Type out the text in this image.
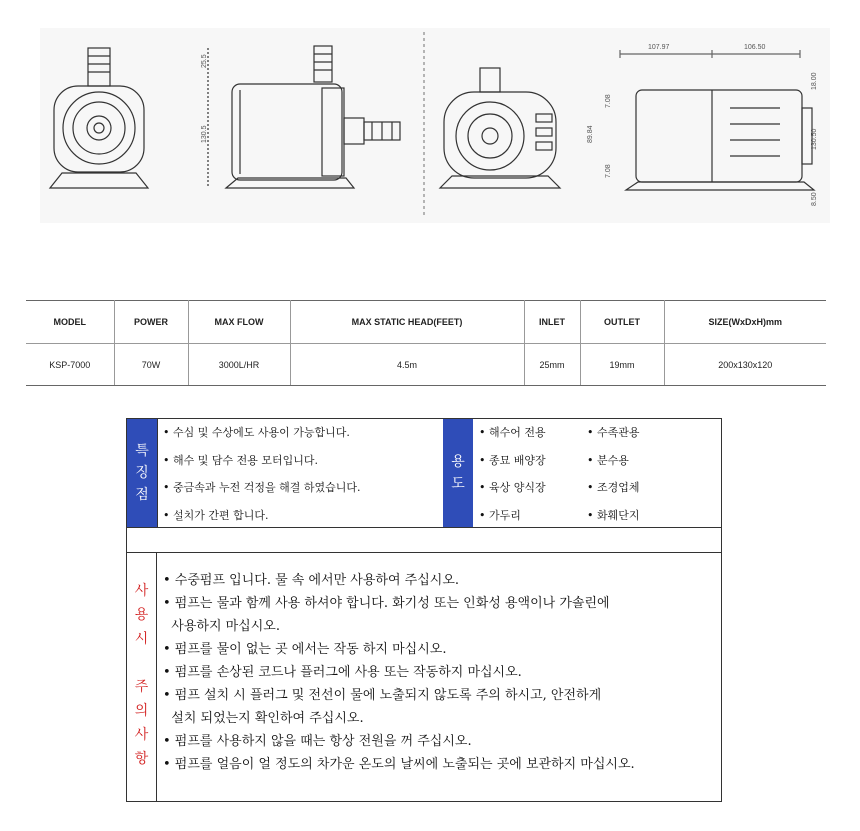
25.5
130.5
107.97	106.50
18.00
130.50
8.50
89.84
7.08
7.08
MODEL	POWER	MAX FLOW	MAX STATIC HEAD(FEET)	INLET	OUTLET	SIZE(WxDxH)mm
KSP-7000	70W	3000L/HR	4.5m	25mm	19mm	200x130x120
특
징
점
• 수심 및 수상에도 사용이 가능합니다.
• 해수 및 담수 전용 모터입니다.
• 중금속과 누전 걱정을 해결 하였습니다.
• 설치가 간편 합니다.
용
도
• 해수어 전용	• 수족관용
• 종묘 배양장	• 분수용
• 육상 양식장	• 조경업체
• 가두리	• 화훼단지
사
용
시
주
의
사
항
• 수중펌프 입니다. 물 속 에서만 사용하여 주십시오.
• 펌프는 물과 함께 사용 하셔야 합니다. 화기성 또는 인화성 용액이나 가솔린에
사용하지 마십시오.
• 펌프를 물이 없는 곳 에서는 작동 하지 마십시오.
• 펌프를 손상된 코드나 플러그에 사용 또는 작동하지 마십시오.
• 펌프 설치 시 플러그 및 전선이 물에 노출되지 않도록 주의 하시고, 안전하게
설치 되었는지 확인하여 주십시오.
• 펌프를 사용하지 않을 때는 항상 전원을 꺼 주십시오.
• 펌프를 얼음이 얼 정도의 차가운 온도의 날씨에 노출되는 곳에 보관하지 마십시오.
